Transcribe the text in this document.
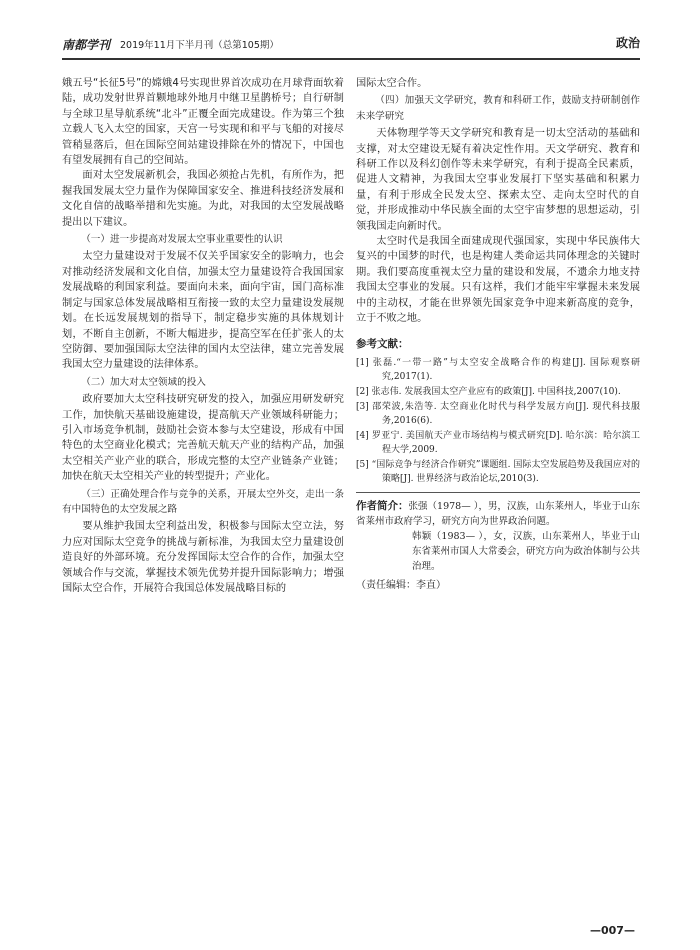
南都学刊 2019年11月下半月刊（总第105期）	政治

娥五号“长征5号”的嫦娥4号实现世界首次成功在月球背面软着陆，成功发射世界首颗地球外地月中继卫星鹊桥号；自行研制与全球卫星导航系统“北斗”正覆全面完成建设。作为第三个独立载人飞入太空的国家，天宫一号实现和和平与飞船的对接尽管稍显落后，但在国际空间站建设排除在外的情况下，中国也有望发展拥有自己的空间站。

面对太空发展新机会，我国必须抢占先机，有所作为，把握我国发展太空力量作为保障国家安全、推进科技经济发展和文化自信的战略举措和先实施。为此，对我国的太空发展战略提出以下建议。

（一）进一步提高对发展太空事业重要性的认识

太空力量建设对于发展不仅关乎国家安全的影响力，也会对推动经济发展和文化自信，加强太空力量建设符合我国国家发展战略的利国家利益。要面向未来，面向宇宙，国门高标准制定与国家总体发展战略相互衔接一致的太空力量建设发展规划。在长远发展规划的指导下，制定稳步实施的具体规划计划，不断自主创新，不断大幅进步，提高空军在任扩张人的太空防御、要加强国际太空法律的国内太空法律，建立完善发展我国太空力量建设的法律体系。

（二）加大对太空领域的投入

政府要加大太空科技研究研发的投入，加强应用研发研究工作，加快航天基础设施建设，提高航天产业领域科研能力；引入市场竞争机制，鼓励社会资本参与太空建设，形成有中国特色的太空商业化模式；完善航天航天产业的结构产品，加强太空相关产业产业的联合，形成完整的太空产业链条产业链；加快在航天太空相关产业的转型提升；产业化。

（三）正确处理合作与竞争的关系，开展太空外交，走出一条有中国特色的太空发展之路

要从维护我国太空利益出发，积极参与国际太空立法，努力应对国际太空竞争的挑战与新标准，为我国太空力量建设创造良好的外部环境。充分发挥国际太空合作的合作，加强太空领域合作与交流，掌握技术领先优势并提升国际影响力；增强国际太空合作，开展符合我国总体发展战略目标的

国际太空合作。

（四）加强天文学研究，教育和科研工作，鼓励支持研制创作未来学研究

天体物理学等天文学研究和教育是一切太空活动的基础和支撑，对太空建设无疑有着决定性作用。天文学研究、教育和科研工作以及科幻创作等未来学研究，有利于提高全民素质，促进人文精神，为我国太空事业发展打下坚实基础和积累力量，有利于形成全民发太空、探索太空、走向太空时代的自觉，并形成推动中华民族全面的太空宇宙梦想的思想运动，引领我国走向新时代。

太空时代是我国全面建成现代强国家，实现中华民族伟大复兴的中国梦的时代，也是构建人类命运共同体理念的关键时期。我们要高度重视太空力量的建设和发展，不遗余力地支持我国太空事业的发展。只有这样，我们才能牢牢掌握未来发展中的主动权，才能在世界领先国家竞争中迎来新高度的竞争，立于不败之地。

参考文献：

[1] 张磊.“一带一路”与太空安全战略合作的构建[J]. 国际观察研究,2017(1).
[2] 张志伟. 发展我国太空产业应有的政策[J]. 中国科技,2007(10).
[3] 邵荣波,朱浩等. 太空商业化时代与科学发展方向[J]. 现代科技服务,2016(6).
[4] 罗亚宁. 美国航天产业市场结构与模式研究[D]. 哈尔滨：哈尔滨工程大学,2009.
[5] “国际竞争与经济合作研究”课题组. 国际太空发展趋势及我国应对的策略[J]. 世界经济与政治论坛,2010(3).

作者简介：张强（1978— ），男，汉族，山东莱州人，毕业于山东省莱州市政府学习，研究方向为世界政治问题。

韩颖（1983— ），女，汉族，山东莱州人，毕业于山东省莱州市国人大常委会，研究方向为政治体制与公共治理。

（责任编辑：李直）

—007—
